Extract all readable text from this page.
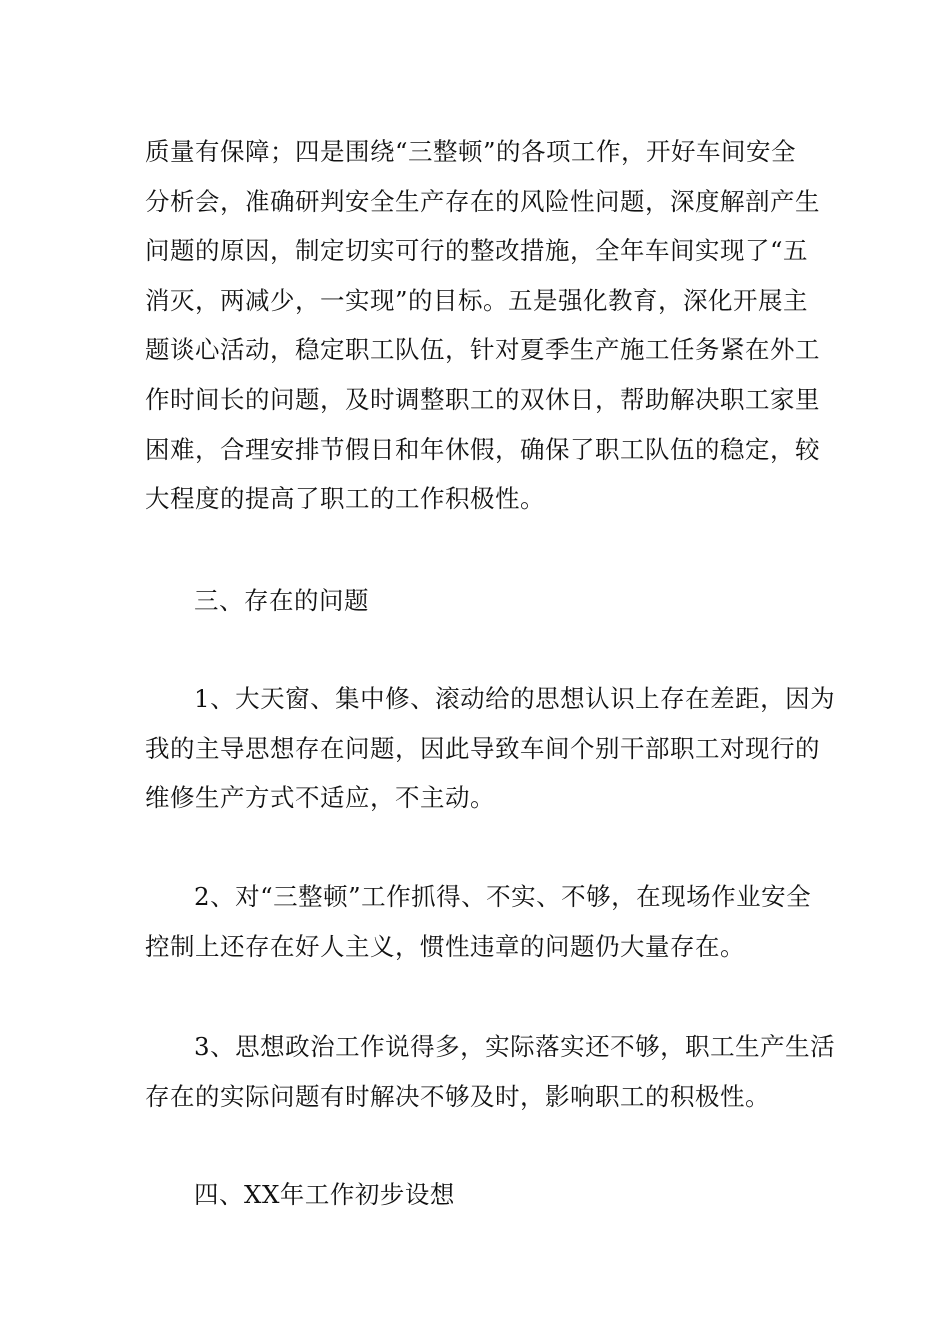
质量有保障；四是围绕“三整顿”的各项工作，开好车间安全
分析会，准确研判安全生产存在的风险性问题，深度解剖产生
问题的原因，制定切实可行的整改措施，全年车间实现了“五
消灭，两减少，一实现”的目标。五是强化教育，深化开展主
题谈心活动，稳定职工队伍，针对夏季生产施工任务紧在外工
作时间长的问题，及时调整职工的双休日，帮助解决职工家里
困难，合理安排节假日和年休假，确保了职工队伍的稳定，较
大程度的提高了职工的工作积极性。
三、存在的问题
1、大天窗、集中修、滚动给的思想认识上存在差距，因为
我的主导思想存在问题，因此导致车间个别干部职工对现行的
维修生产方式不适应，不主动。
2、对“三整顿”工作抓得、不实、不够，在现场作业安全
控制上还存在好人主义，惯性违章的问题仍大量存在。
3、思想政治工作说得多，实际落实还不够，职工生产生活
存在的实际问题有时解决不够及时，影响职工的积极性。
四、XX年工作初步设想
